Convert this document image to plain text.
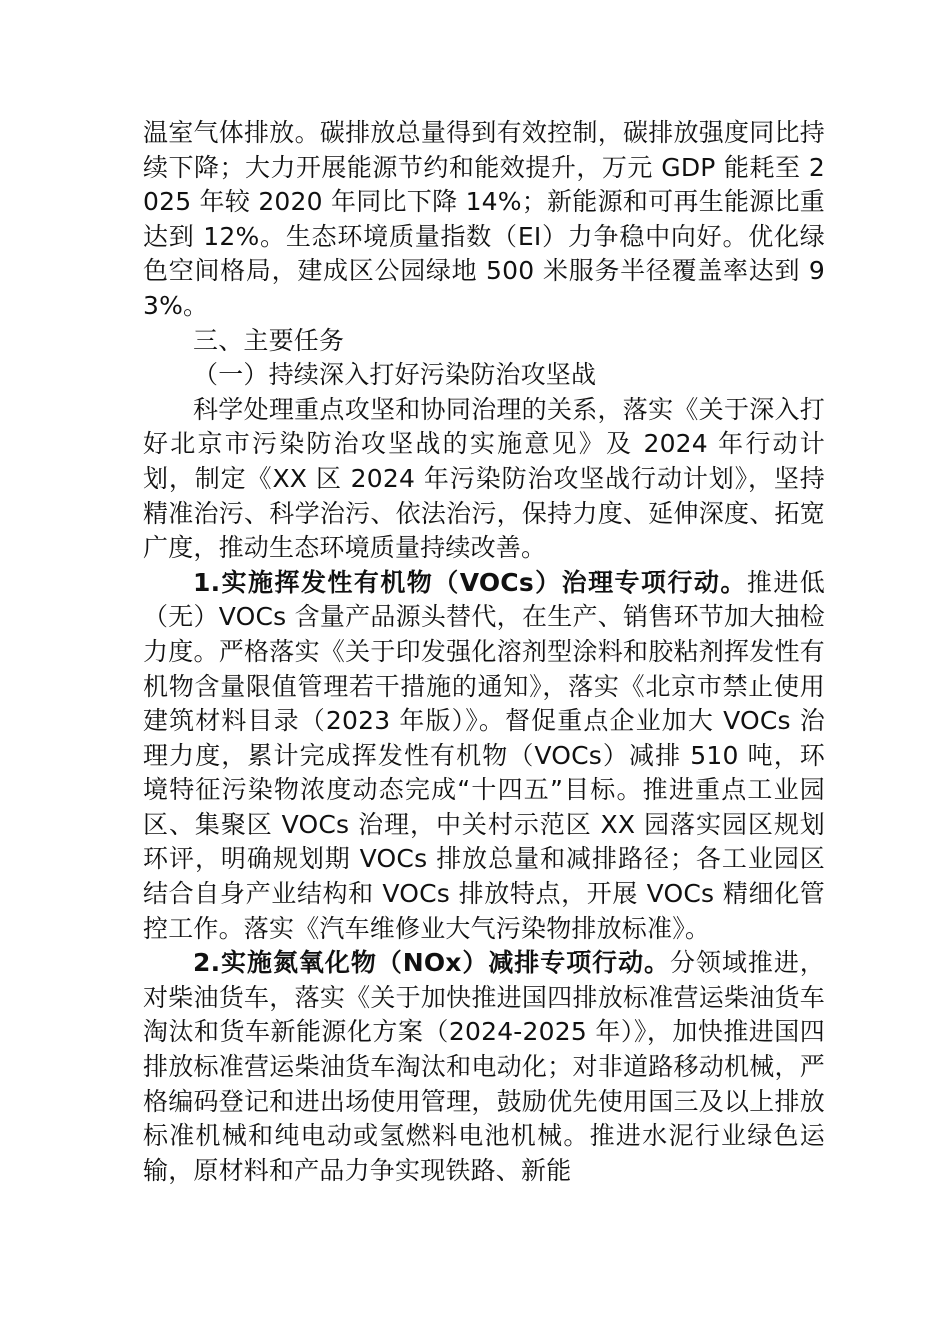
温室气体排放。碳排放总量得到有效控制，碳排放强度同比持续下降；大力开展能源节约和能效提升，万元 GDP 能耗至 2025 年较 2020 年同比下降 14%；新能源和可再生能源比重达到 12%。生态环境质量指数（EI）力争稳中向好。优化绿色空间格局，建成区公园绿地 500 米服务半径覆盖率达到 93%。

三、主要任务

（一）持续深入打好污染防治攻坚战

科学处理重点攻坚和协同治理的关系，落实《关于深入打好北京市污染防治攻坚战的实施意见》及 2024 年行动计划，制定《XX 区 2024 年污染防治攻坚战行动计划》，坚持精准治污、科学治污、依法治污，保持力度、延伸深度、拓宽广度，推动生态环境质量持续改善。

1.实施挥发性有机物（VOCs）治理专项行动。推进低（无）VOCs 含量产品源头替代，在生产、销售环节加大抽检力度。严格落实《关于印发强化溶剂型涂料和胶粘剂挥发性有机物含量限值管理若干措施的通知》，落实《北京市禁止使用建筑材料目录（2023 年版）》。督促重点企业加大 VOCs 治理力度，累计完成挥发性有机物（VOCs）减排 510 吨，环境特征污染物浓度动态完成“十四五”目标。推进重点工业园区、集聚区 VOCs 治理，中关村示范区 XX 园落实园区规划环评，明确规划期 VOCs 排放总量和减排路径；各工业园区结合自身产业结构和 VOCs 排放特点，开展 VOCs 精细化管控工作。落实《汽车维修业大气污染物排放标准》。

2.实施氮氧化物（NOx）减排专项行动。分领域推进，对柴油货车，落实《关于加快推进国四排放标准营运柴油货车淘汰和货车新能源化方案（2024-2025 年）》，加快推进国四排放标准营运柴油货车淘汰和电动化；对非道路移动机械，严格编码登记和进出场使用管理，鼓励优先使用国三及以上排放标准机械和纯电动或氢燃料电池机械。推进水泥行业绿色运输，原材料和产品力争实现铁路、新能
